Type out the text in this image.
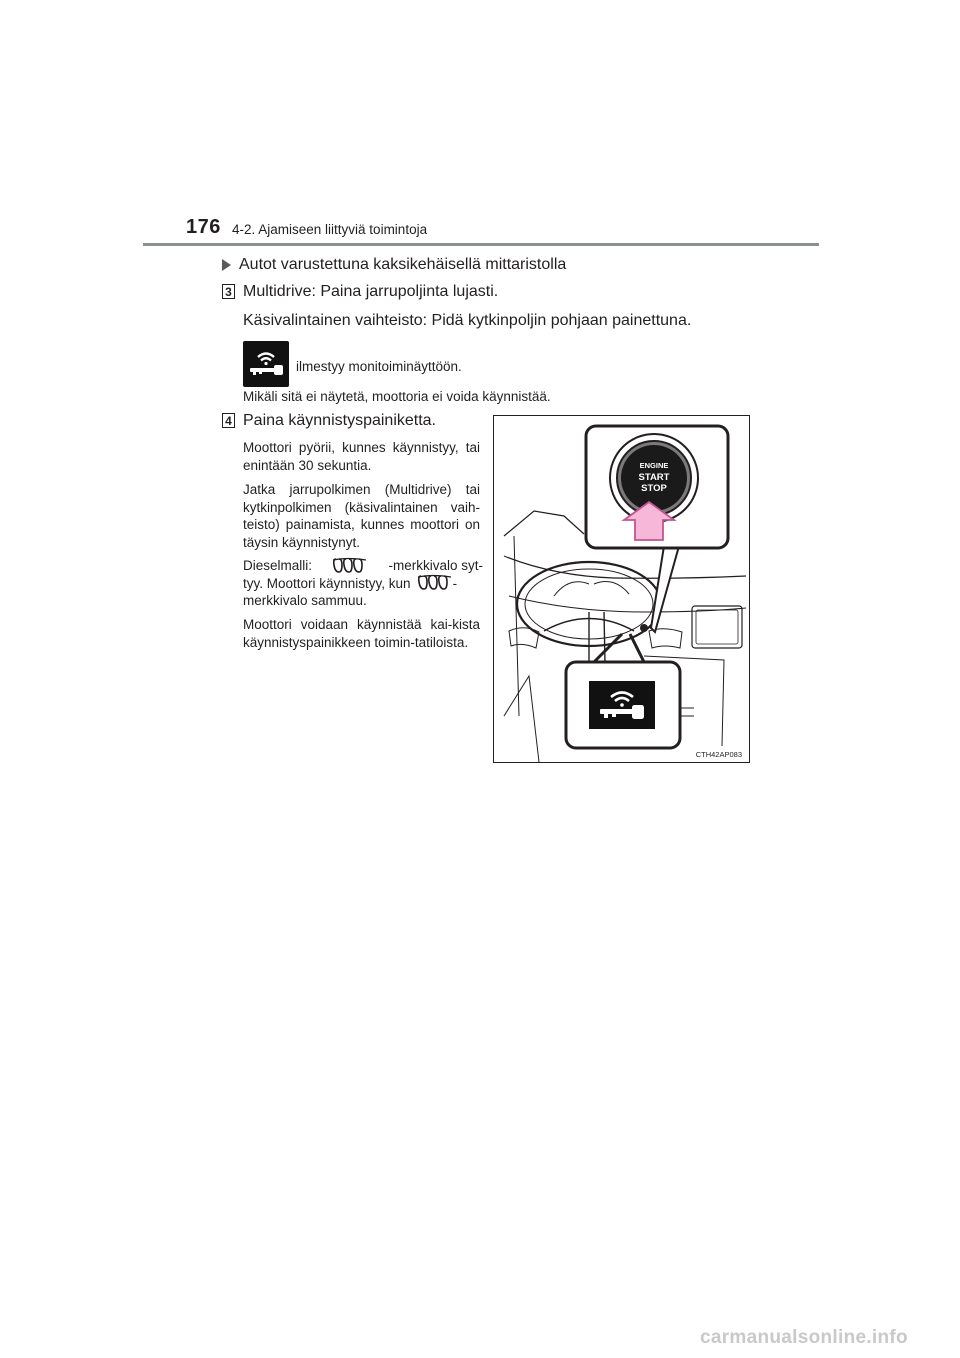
176 4-2. Ajamiseen liittyviä toimintoja
Autot varustettuna kaksikehäisellä mittaristolla
3 Multidrive: Paina jarrupoljinta lujasti.
Käsivalintainen vaihteisto: Pidä kytkinpoljin pohjaan painettuna.
ilmestyy monitoiminäyttöön.
Mikäli sitä ei näytetä, moottoria ei voida käynnistää.
4 Paina käynnistyspainiketta.
Moottori pyörii, kunnes käynnistyy, tai enintään 30 sekuntia.
Jatka jarrupolkimen (Multidrive) tai kytkinpolkimen (käsivalintainen vaih-teisto) painamista, kunnes moottori on täysin käynnistynyt.
Dieselmalli:	-merkkivalo syt-
tyy. Moottori käynnistyy, kun	-
merkkivalo sammuu.
Moottori voidaan käynnistää kai-kista käynnistyspainikkeen toimin-tatiloista.
ENGINE
START
STOP
CTH42AP083
carmanualsonline.info
